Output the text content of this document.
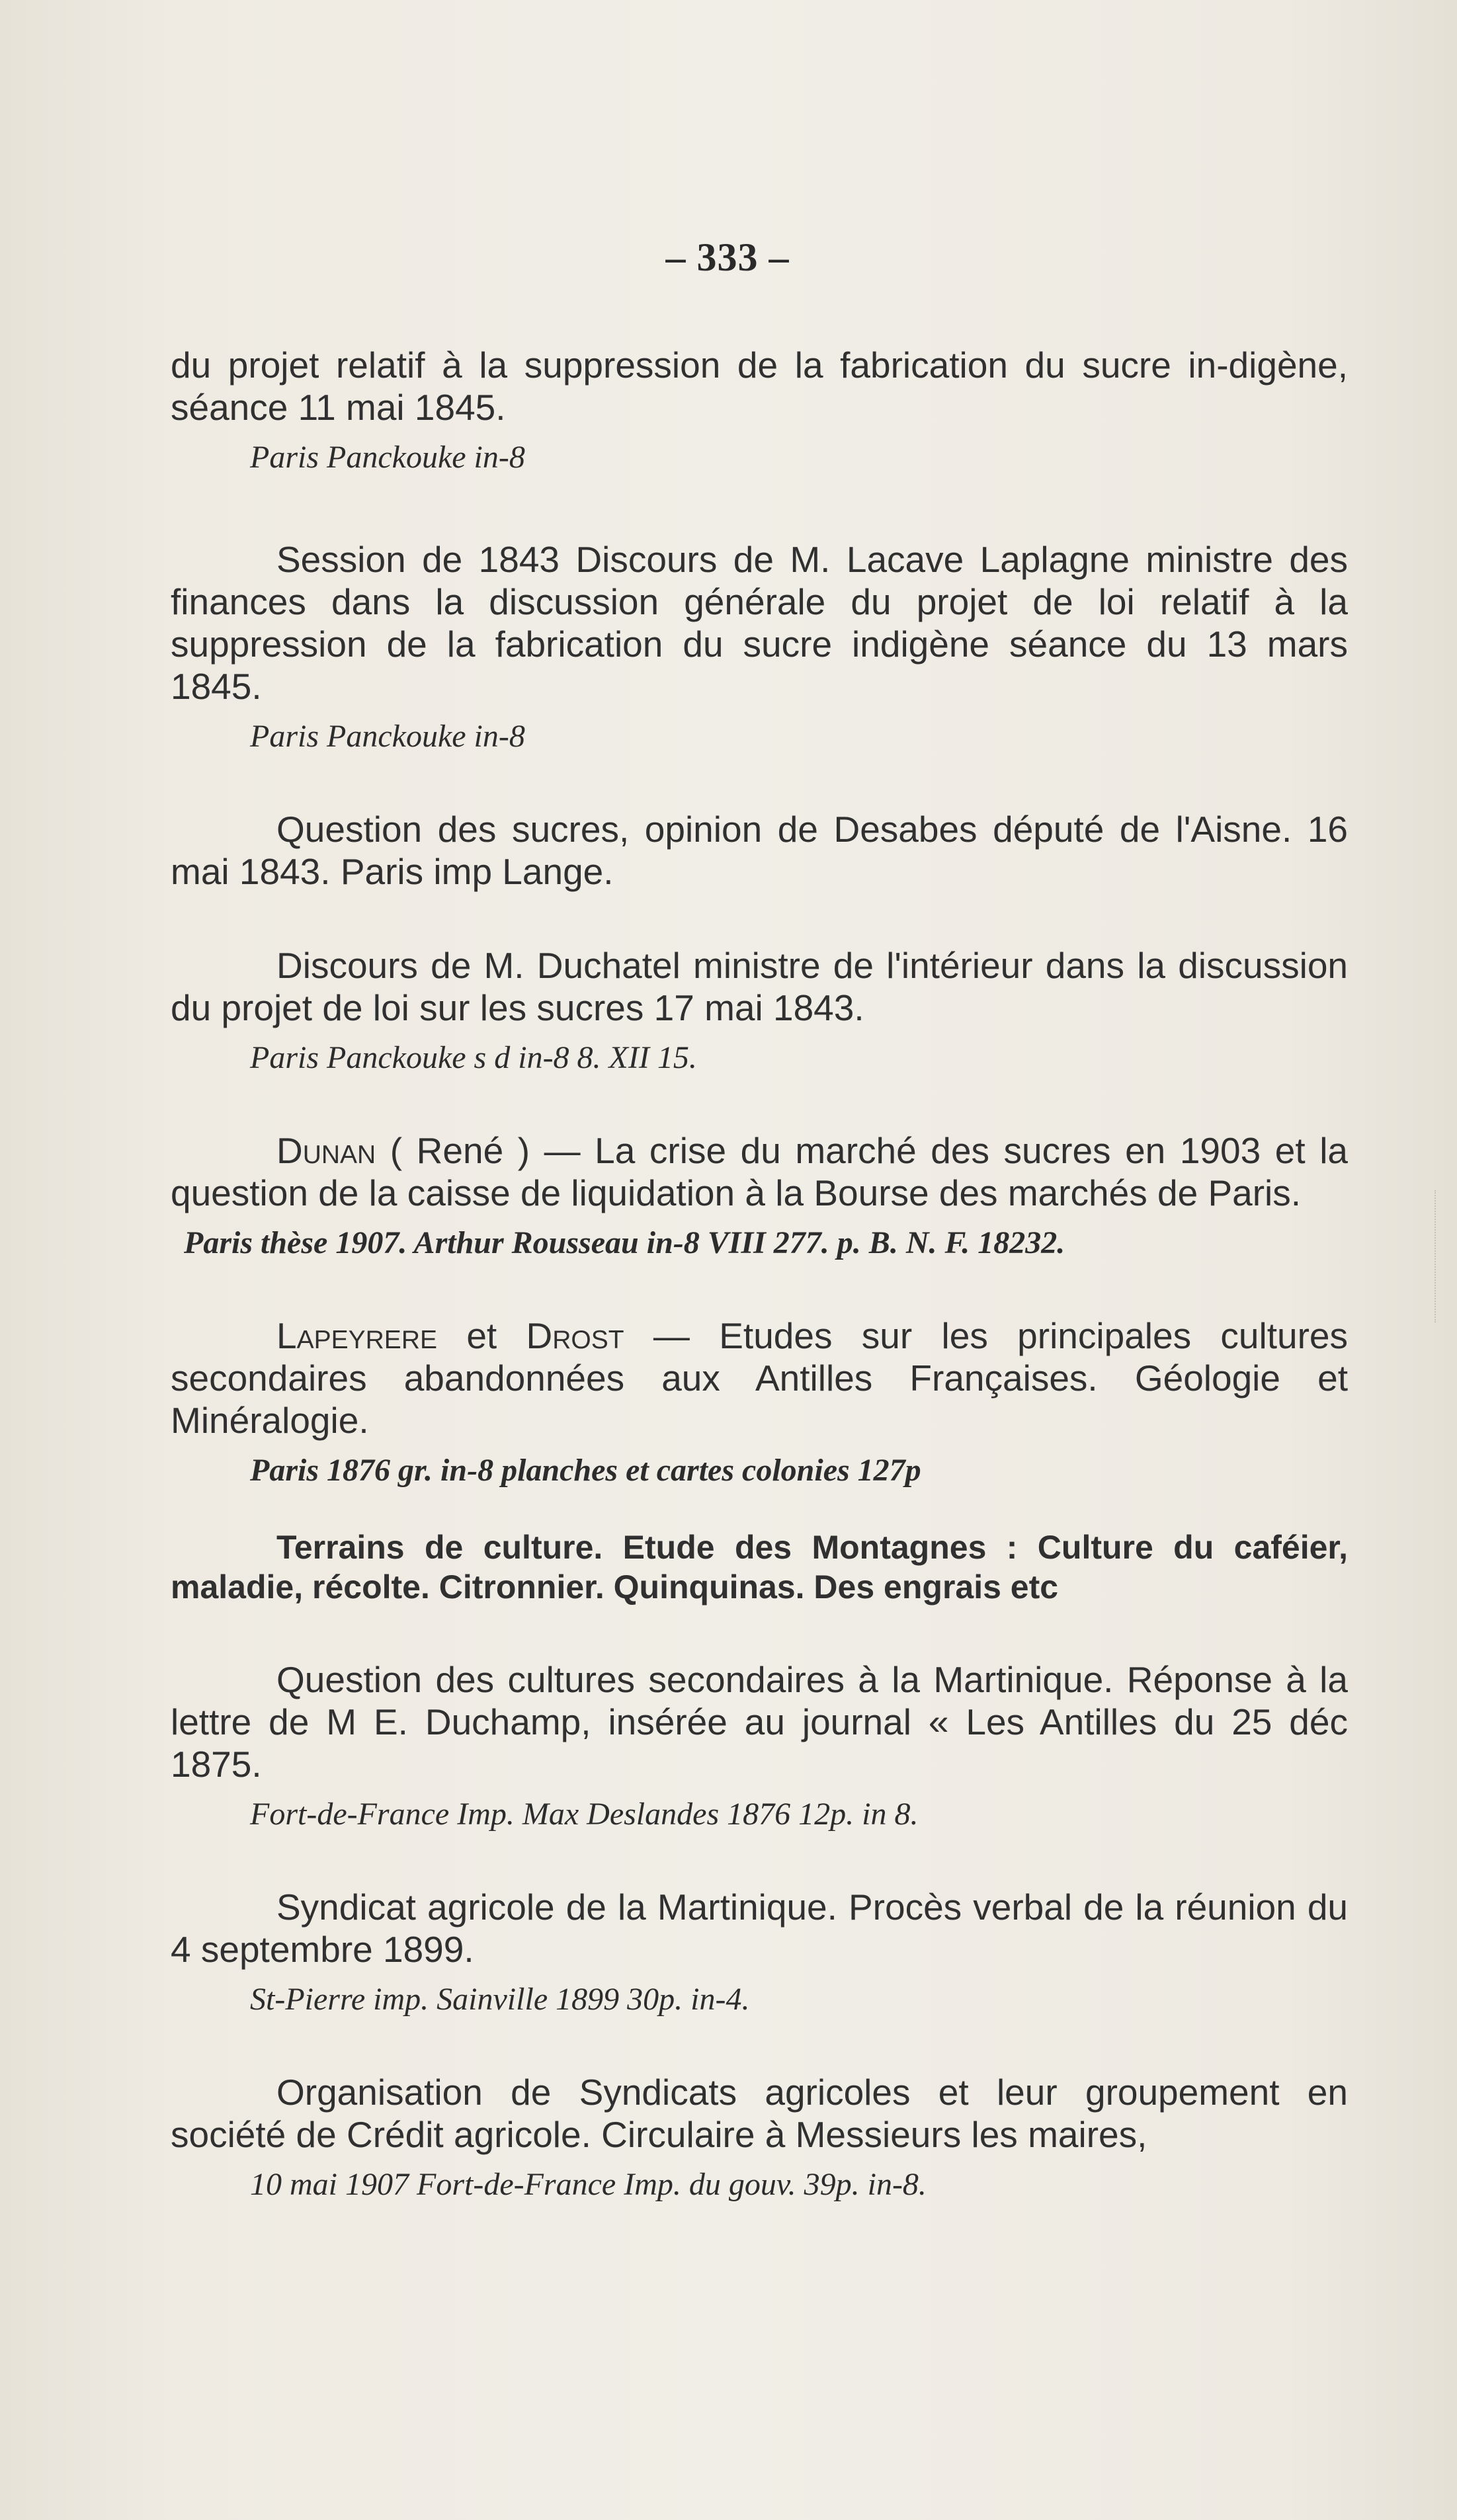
– 333 –

du projet relatif à la suppression de la fabrication du sucre in-digène, séance 11 mai 1845.

Paris Panckouke in-8

Session de 1843 Discours de M. Lacave Laplagne ministre des finances dans la discussion générale du projet de loi relatif à la suppression de la fabrication du sucre indigène séance du 13 mars 1845.

Paris Panckouke in-8

Question des sucres, opinion de Desabes député de l'Aisne. 16 mai 1843. Paris imp Lange.

Discours de M. Duchatel ministre de l'intérieur dans la discussion du projet de loi sur les sucres 17 mai 1843.

Paris Panckouke s d in-8 8. XII 15.

Dunan ( René ) — La crise du marché des sucres en 1903 et la question de la caisse de liquidation à la Bourse des marchés de Paris.

Paris thèse 1907. Arthur Rousseau in-8 VIII 277. p. B. N. F. 18232.

Lapeyrere et Drost — Etudes sur les principales cultures secondaires abandonnées aux Antilles Françaises. Géologie et Minéralogie.

Paris 1876 gr. in-8 planches et cartes colonies 127p

Terrains de culture. Etude des Montagnes : Culture du caféier, maladie, récolte. Citronnier. Quinquinas. Des engrais etc

Question des cultures secondaires à la Martinique. Réponse à la lettre de M E. Duchamp, insérée au journal « Les Antilles du 25 déc 1875.

Fort-de-France Imp. Max Deslandes 1876 12p. in 8.

Syndicat agricole de la Martinique. Procès verbal de la réunion du 4 septembre 1899.

St-Pierre imp. Sainville 1899 30p. in-4.

Organisation de Syndicats agricoles et leur groupement en société de Crédit agricole. Circulaire à Messieurs les maires,

10 mai 1907 Fort-de-France Imp. du gouv. 39p. in-8.
